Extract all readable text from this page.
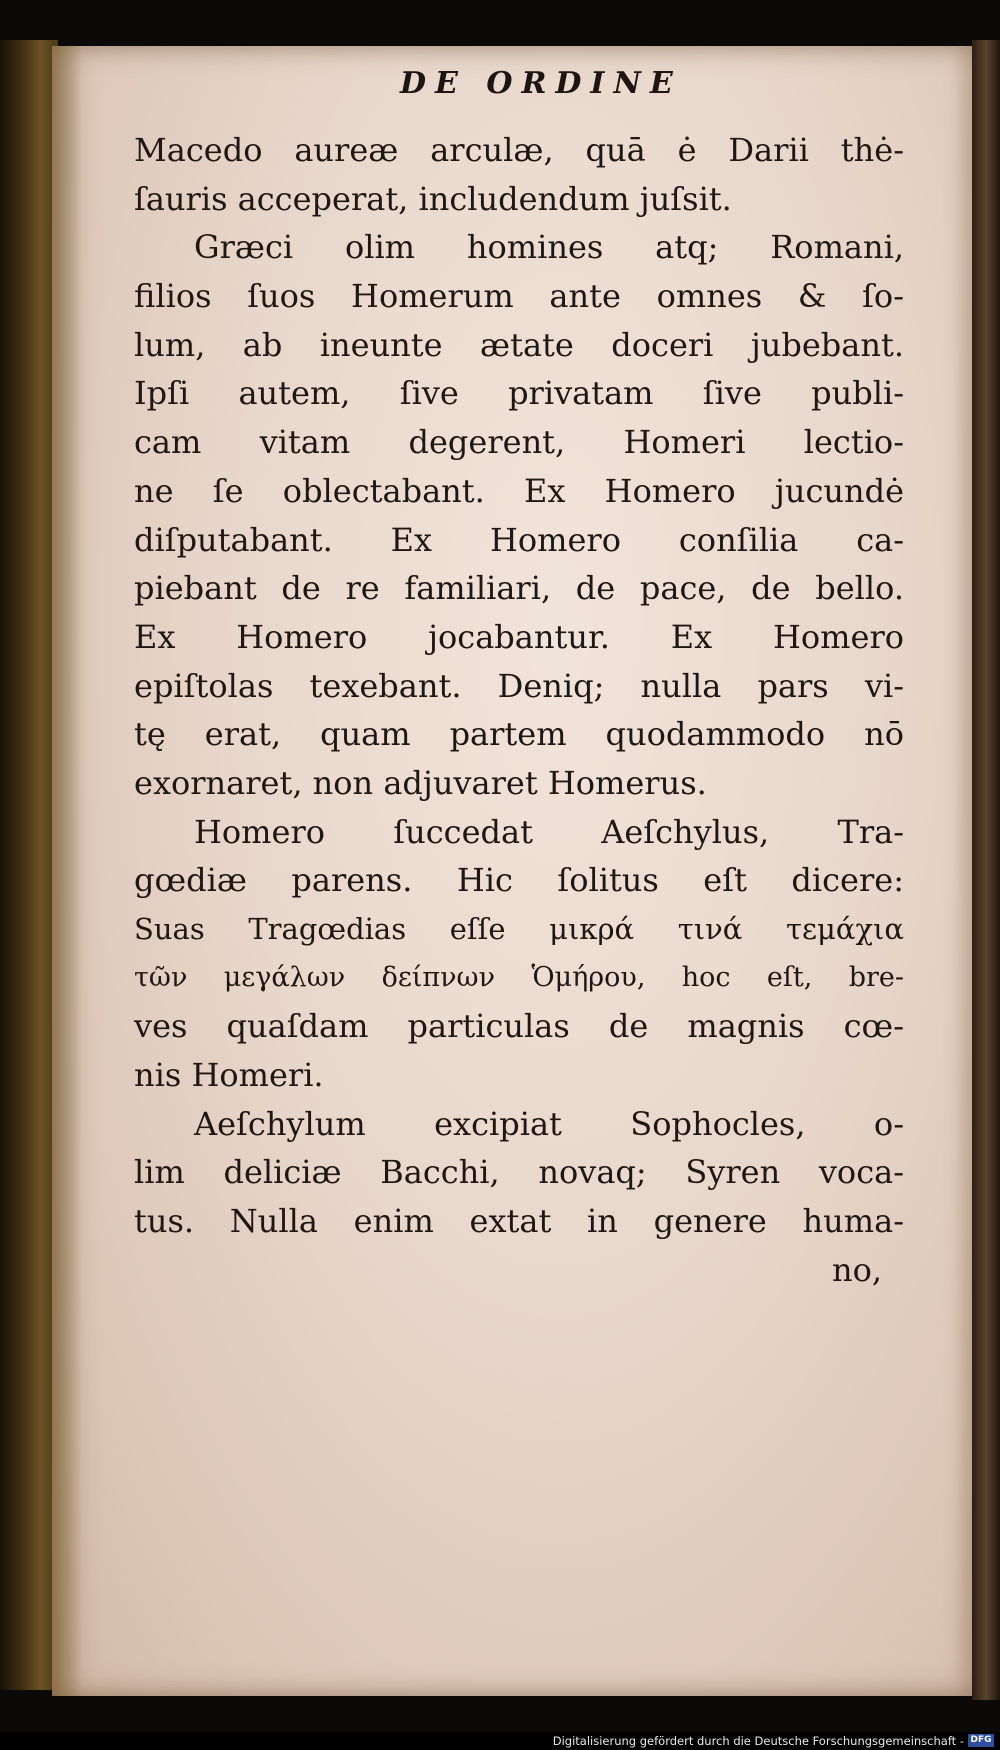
DE ORDINE
Macedo aureæ arculæ, quā ė Darii thė-
ſauris acceperat, includendum juſsit.
Græci olim homines atq; Romani,
filios ſuos Homerum ante omnes & ſo-
lum, ab ineunte ætate doceri jubebant.
Ipſi autem, ſive privatam ſive publi-
cam vitam degerent, Homeri lectio-
ne ſe oblectabant. Ex Homero jucundė
diſputabant. Ex Homero conſilia ca-
piebant de re familiari, de pace, de bello.
Ex Homero jocabantur. Ex Homero
epiſtolas texebant. Deniq; nulla pars vi-
tę erat, quam partem quodammodo nō
exornaret, non adjuvaret Homerus.
Homero ſuccedat Aeſchylus, Tra-
gœdiæ parens. Hic ſolitus eſt dicere:
Suas Tragœdias eſſe μικρά τινά τεμάχια
τῶν μεγάλων δείπνων Ὁμήρου, hoc eſt, bre-
ves quaſdam particulas de magnis cœ-
nis Homeri.
Aeſchylum excipiat Sophocles, o-
lim deliciæ Bacchi, novaq; Syren voca-
tus. Nulla enim extat in genere huma-
no,
Digitalisierung gefördert durch die Deutsche Forschungsgemeinschaft - DFG
